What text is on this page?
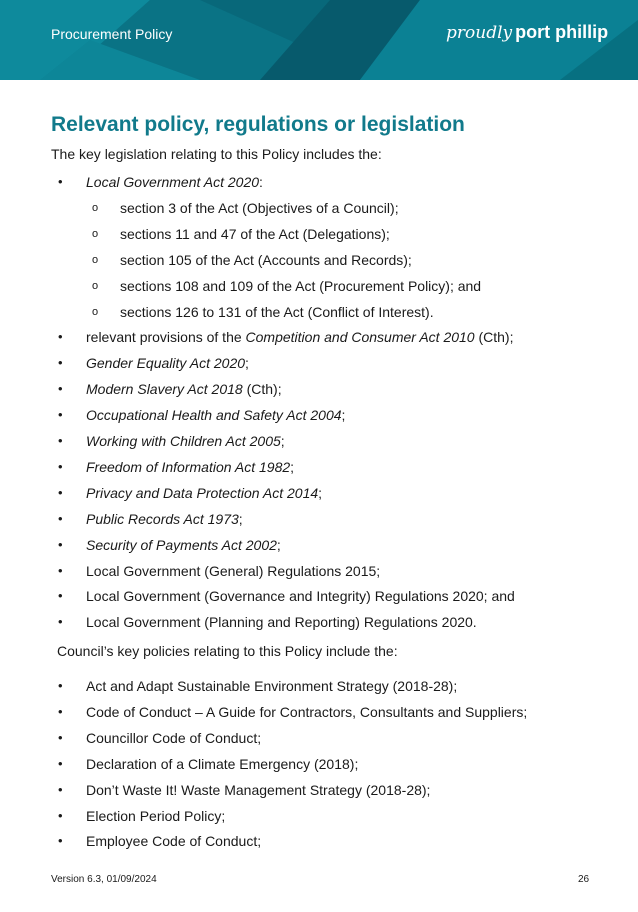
Procurement Policy	proudly port phillip
Relevant policy, regulations or legislation

The key legislation relating to this Policy includes the:

• Local Government Act 2020:
o section 3 of the Act (Objectives of a Council);
o sections 11 and 47 of the Act (Delegations);
o section 105 of the Act (Accounts and Records);
o sections 108 and 109 of the Act (Procurement Policy); and
o sections 126 to 131 of the Act (Conflict of Interest).
• relevant provisions of the Competition and Consumer Act 2010 (Cth);
• Gender Equality Act 2020;
• Modern Slavery Act 2018 (Cth);
• Occupational Health and Safety Act 2004;
• Working with Children Act 2005;
• Freedom of Information Act 1982;
• Privacy and Data Protection Act 2014;
• Public Records Act 1973;
• Security of Payments Act 2002;
• Local Government (General) Regulations 2015;
• Local Government (Governance and Integrity) Regulations 2020; and
• Local Government (Planning and Reporting) Regulations 2020.

Council’s key policies relating to this Policy include the:

• Act and Adapt Sustainable Environment Strategy (2018-28);
• Code of Conduct – A Guide for Contractors, Consultants and Suppliers;
• Councillor Code of Conduct;
• Declaration of a Climate Emergency (2018);
• Don’t Waste It! Waste Management Strategy (2018-28);
• Election Period Policy;
• Employee Code of Conduct;
Version 6.3, 01/09/2024	26
